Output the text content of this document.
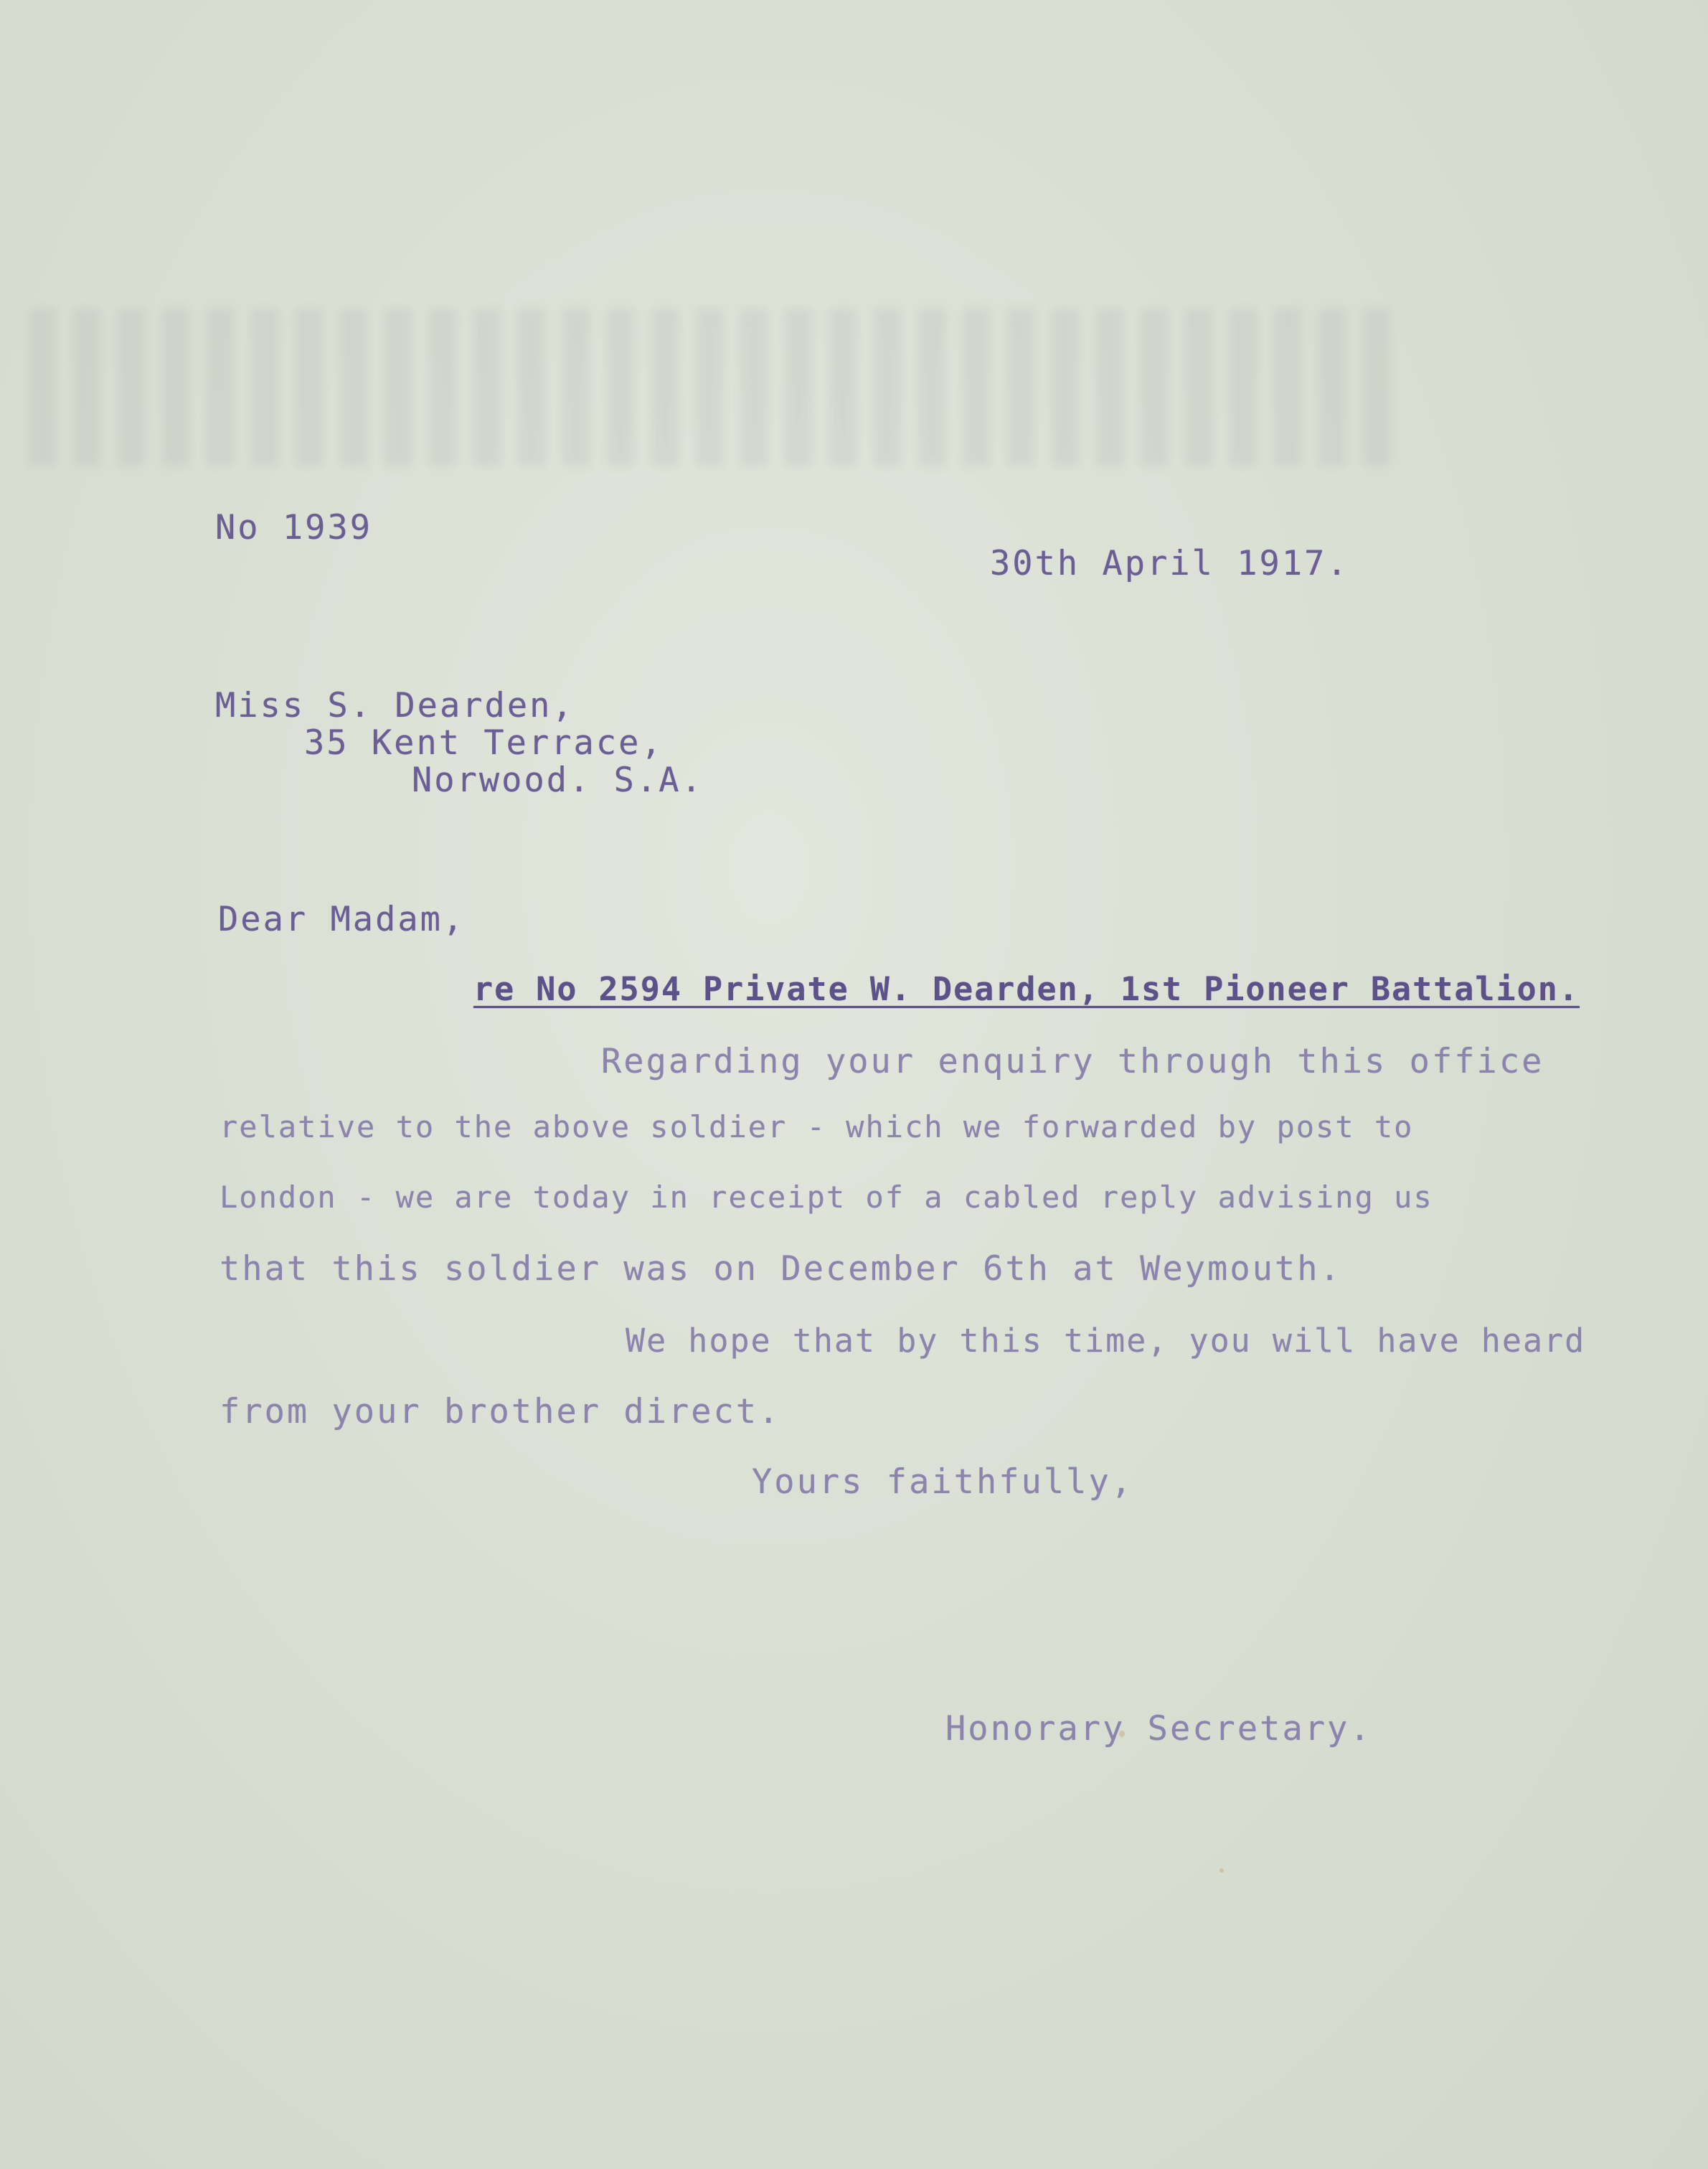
No 1939
30th April 1917.
Miss S. Dearden,
35 Kent Terrace,
Norwood. S.A.
Dear Madam,
re No 2594 Private W. Dearden, 1st Pioneer Battalion.
Regarding your enquiry through this office
relative to the above soldier - which we forwarded by post to
London - we are today in receipt of a cabled reply advising us
that this soldier was on December 6th at Weymouth.
We hope that by this time, you will have heard
from your brother direct.
Yours faithfully,
Honorary Secretary.
